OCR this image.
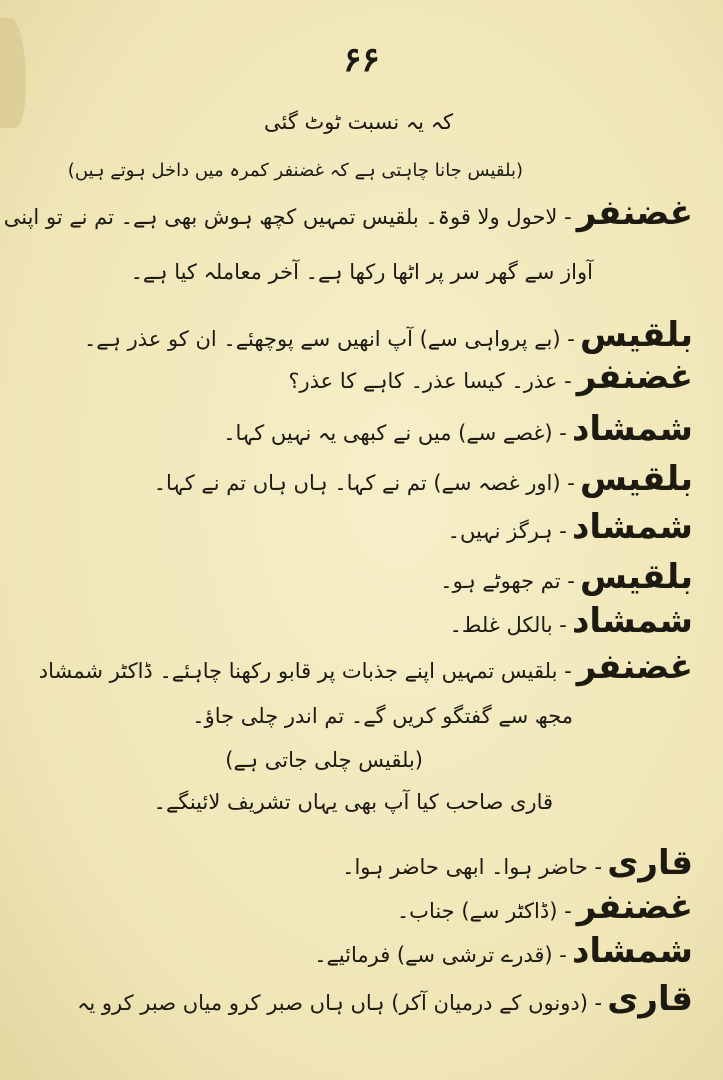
۶۶
کہ یہ نسبت ٹوٹ گئی
(بلقیس جانا چاہتی ہے کہ غضنفر کمرہ میں داخل ہوتے ہیں)
غضنفر - لاحول ولا قوۃ۔ بلقیس تمہیں کچھ ہوش بھی ہے۔ تم نے تو اپنی
آواز سے گھر سر پر اٹھا رکھا ہے۔ آخر معاملہ کیا ہے۔
بلقیس - (بے پرواہی سے) آپ انھیں سے پوچھئے۔ ان کو عذر ہے۔
غضنفر - عذر۔ کیسا عذر۔ کاہے کا عذر؟
شمشاد - (غصے سے) میں نے کبھی یہ نہیں کہا۔
بلقیس - (اور غصہ سے) تم نے کہا۔ ہاں ہاں تم نے کہا۔
شمشاد - ہرگز نہیں۔
بلقیس - تم جھوٹے ہو۔
شمشاد - بالکل غلط۔
غضنفر - بلقیس تمہیں اپنے جذبات پر قابو رکھنا چاہئے۔ ڈاکٹر شمشاد
مجھ سے گفتگو کریں گے۔ تم اندر چلی جاؤ۔
(بلقیس چلی جاتی ہے)
قاری صاحب کیا آپ بھی یہاں تشریف لائینگے۔
قاری - حاضر ہوا۔ ابھی حاضر ہوا۔
غضنفر - (ڈاکٹر سے) جناب۔
شمشاد - (قدرے ترشی سے) فرمائیے۔
قاری - (دونوں کے درمیان آکر) ہاں ہاں صبر کرو میاں صبر کرو یہ
